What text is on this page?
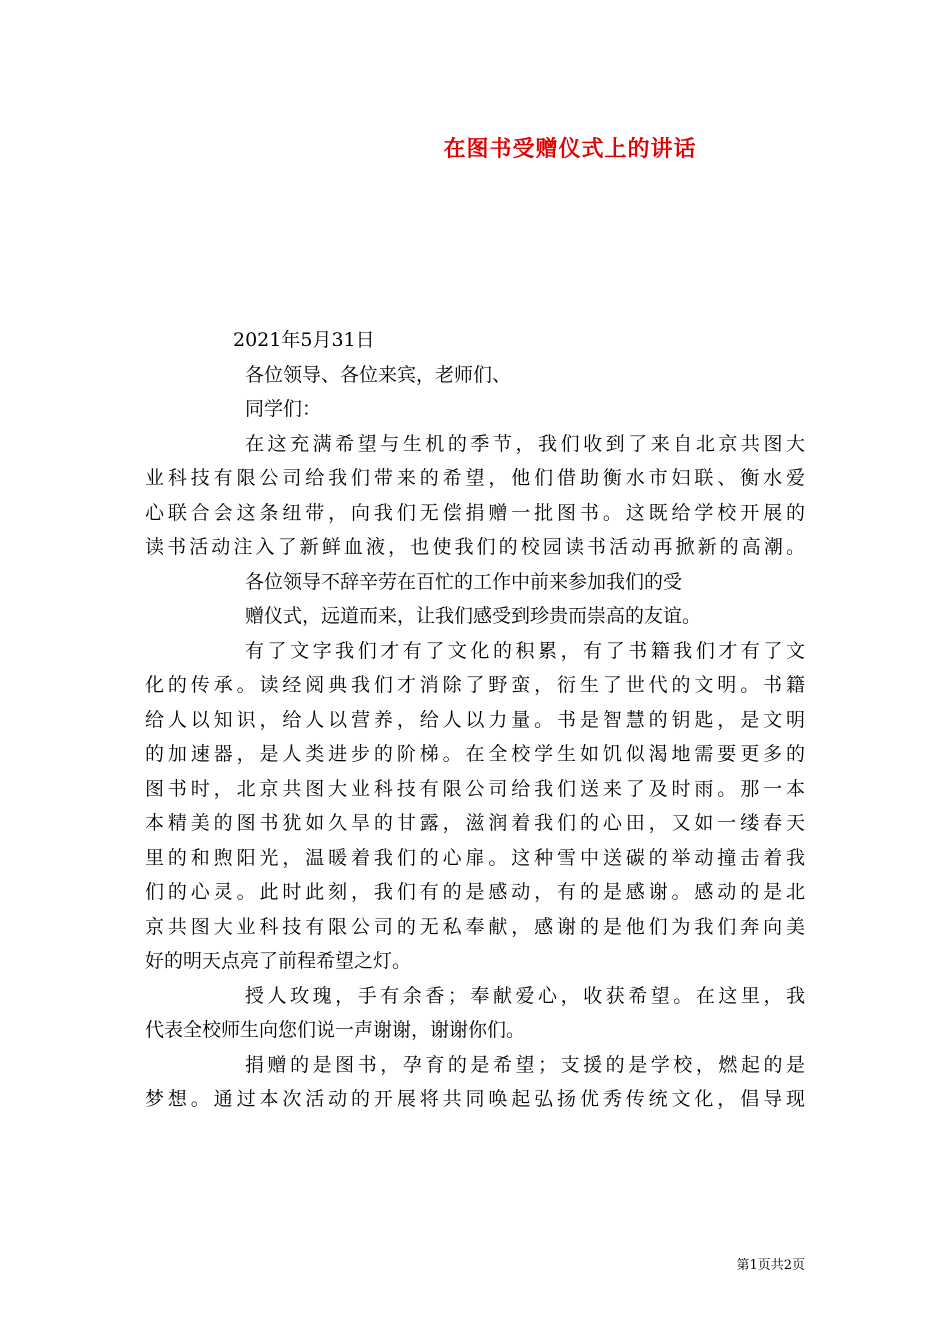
在图书受赠仪式上的讲话
2021年5月31日
各位领导、各位来宾，老师们、
同学们：
在这充满希望与生机的季节，我们收到了来自北京共图大
业科技有限公司给我们带来的希望，他们借助衡水市妇联、衡水爱
心联合会这条纽带，向我们无偿捐赠一批图书。这既给学校开展的
读书活动注入了新鲜血液，也使我们的校园读书活动再掀新的高潮。
各位领导不辞辛劳在百忙的工作中前来参加我们的受
赠仪式，远道而来，让我们感受到珍贵而崇高的友谊。
有了文字我们才有了文化的积累，有了书籍我们才有了文
化的传承。读经阅典我们才消除了野蛮，衍生了世代的文明。书籍
给人以知识，给人以营养，给人以力量。书是智慧的钥匙，是文明
的加速器，是人类进步的阶梯。在全校学生如饥似渴地需要更多的
图书时，北京共图大业科技有限公司给我们送来了及时雨。那一本
本精美的图书犹如久旱的甘露，滋润着我们的心田，又如一缕春天
里的和煦阳光，温暖着我们的心扉。这种雪中送碳的举动撞击着我
们的心灵。此时此刻，我们有的是感动，有的是感谢。感动的是北
京共图大业科技有限公司的无私奉献，感谢的是他们为我们奔向美
好的明天点亮了前程希望之灯。
授人玫瑰，手有余香；奉献爱心，收获希望。在这里，我
代表全校师生向您们说一声谢谢，谢谢你们。
捐赠的是图书，孕育的是希望；支援的是学校，燃起的是
梦想。通过本次活动的开展将共同唤起弘扬优秀传统文化，倡导现
第1页共2页
